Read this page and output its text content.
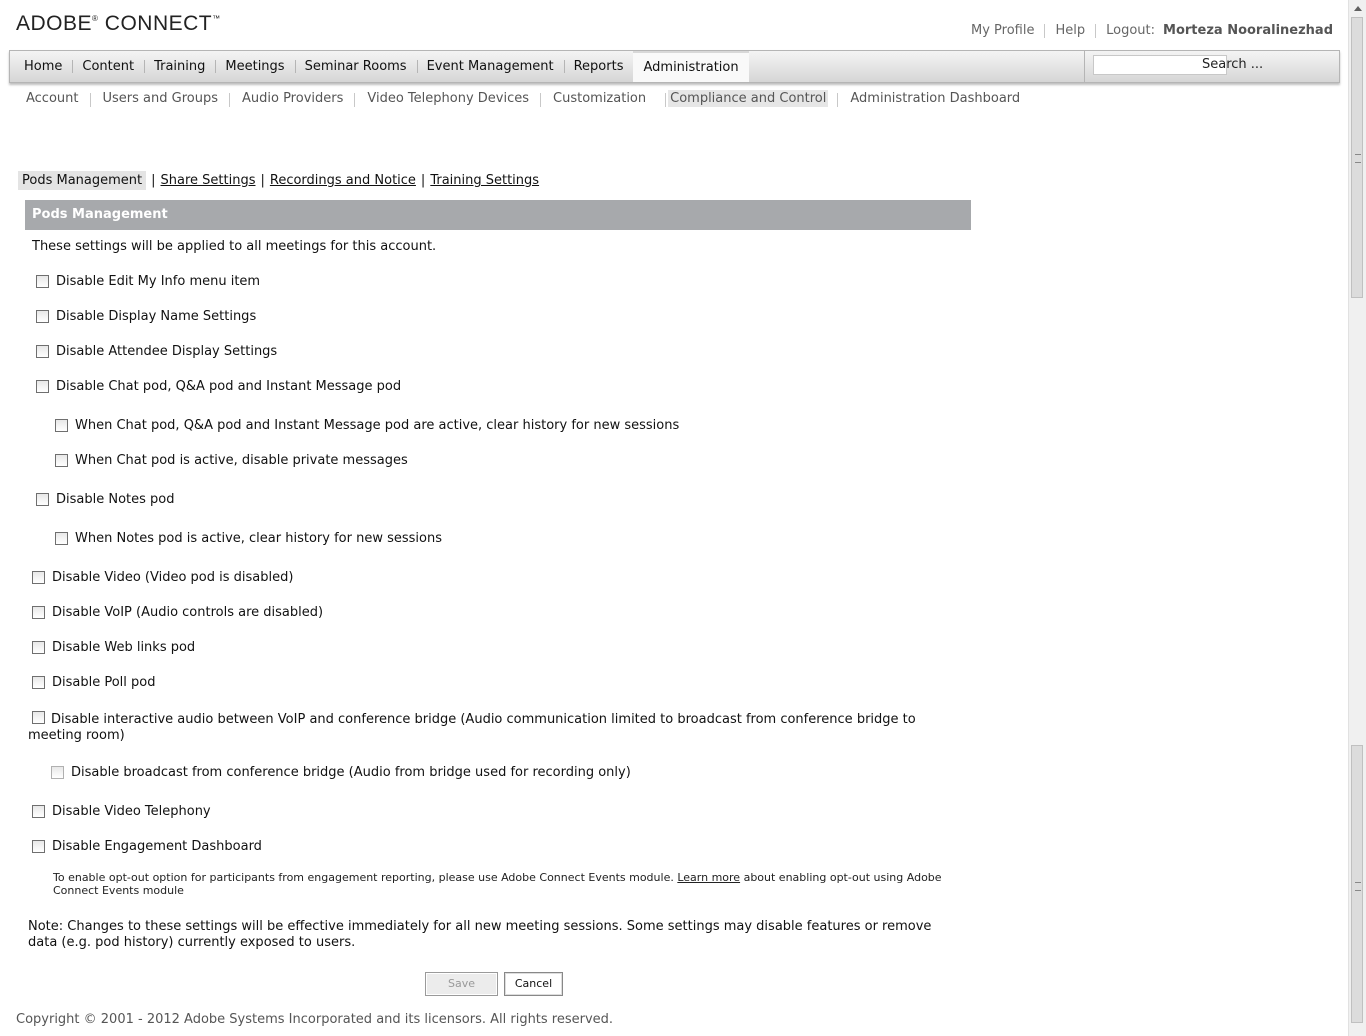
ADOBE® CONNECT™
My Profile Help Logout: Morteza Nooralinezhad
Home	Content	Training	Meetings	Seminar Rooms	Event Management	Reports	Administration	Search ...
Account	Users and Groups	Audio Providers	Video Telephony Devices	Customization	Compliance and Control	Administration Dashboard
Pods Management | Share Settings | Recordings and Notice | Training Settings
Pods Management
These settings will be applied to all meetings for this account.
Disable Edit My Info menu item
Disable Display Name Settings
Disable Attendee Display Settings
Disable Chat pod, Q&A pod and Instant Message pod
When Chat pod, Q&A pod and Instant Message pod are active, clear history for new sessions
When Chat pod is active, disable private messages
Disable Notes pod
When Notes pod is active, clear history for new sessions
Disable Video (Video pod is disabled)
Disable VoIP (Audio controls are disabled)
Disable Web links pod
Disable Poll pod
Disable interactive audio between VoIP and conference bridge (Audio communication limited to broadcast from conference bridge to meeting room)
Disable broadcast from conference bridge (Audio from bridge used for recording only)
Disable Video Telephony
Disable Engagement Dashboard
To enable opt-out option for participants from engagement reporting, please use Adobe Connect Events module. Learn more about enabling opt-out using Adobe Connect Events module
Note: Changes to these settings will be effective immediately for all new meeting sessions. Some settings may disable features or remove data (e.g. pod history) currently exposed to users.
Save	Cancel
Copyright © 2001 - 2012 Adobe Systems Incorporated and its licensors. All rights reserved.
